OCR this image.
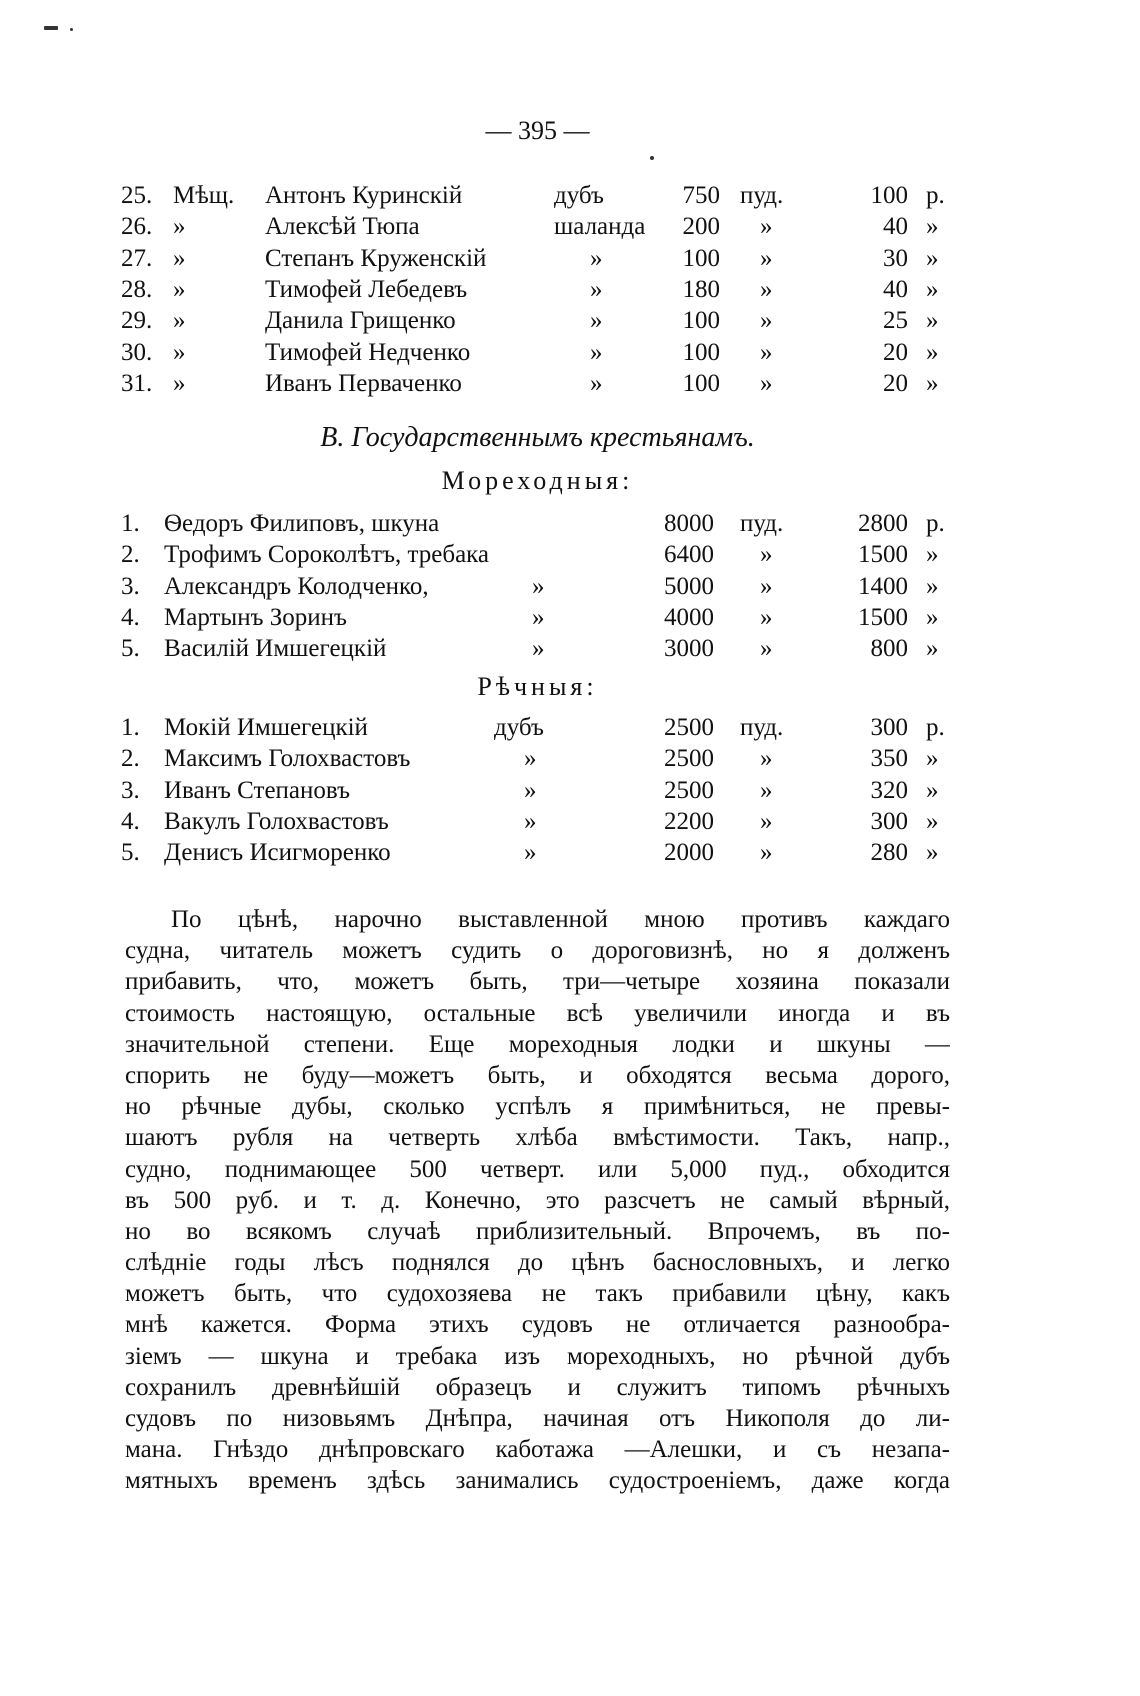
— 395 —
25. Мѣщ. Антонъ Куринскій	дубъ	750 пуд.	100 р.
26. »	Алексѣй Тюпа	шаланда 200 »	40 »
27. »	Степанъ Круженскій	»	100 »	30 »
28. »	Тимофей Лебедевъ	»	180 »	40 »
29. »	Данила Грищенко	»	100 »	25 »
30. »	Тимофей Недченко	»	100 »	20 »
31. »	Иванъ Перваченко	»	100 »	20 »
В. Государственнымъ крестьянамъ.
Мореходныя:
1. Ѳедоръ Филиповъ, шкуна	8000 пуд.	2800 р.
2. Трофимъ Сороколѣтъ, требака	6400 »	1500 »
3. Александръ Колодченко,	»	5000 »	1400 »
4. Мартынъ Зоринъ	»	4000 »	1500 »
5. Василій Имшегецкій	»	3000 »	800 »
Рѣчныя:
1. Мокій Имшегецкій	дубъ	2500 пуд.	300 р.
2. Максимъ Голохвастовъ	»	2500 »	350 »
3. Иванъ Степановъ	»	2500 »	320 »
4. Вакулъ Голохвастовъ	»	2200 »	300 »
5. Денисъ Исигморенко	»	2000 »	280 »
По цѣнѣ, нарочно выставленной мною противъ каждаго
судна, читатель можетъ судить о дороговизнѣ, но я долженъ
прибавить, что, можетъ быть, три—четыре хозяина показали
стоимость настоящую, остальные всѣ увеличили иногда и въ
значительной степени. Еще мореходныя лодки и шкуны —
спорить не буду—можетъ быть, и обходятся весьма дорого,
но рѣчные дубы, сколько успѣлъ я примѣниться, не превы-
шаютъ рубля на четверть хлѣба вмѣстимости. Такъ, напр.,
судно, поднимающее 500 четверт. или 5,000 пуд., обходится
въ 500 руб. и т. д. Конечно, это разсчетъ не самый вѣрный,
но во всякомъ случаѣ приблизительный. Впрочемъ, въ по-
слѣдніе годы лѣсъ поднялся до цѣнъ баснословныхъ, и легко
можетъ быть, что судохозяева не такъ прибавили цѣну, какъ
мнѣ кажется. Форма этихъ судовъ не отличается разнообра-
зіемъ — шкуна и требака изъ мореходныхъ, но рѣчной дубъ
сохранилъ древнѣйшій образецъ и служитъ типомъ рѣчныхъ
судовъ по низовьямъ Днѣпра, начиная отъ Никополя до ли-
мана. Гнѣздо днѣпровскаго каботажа —Алешки, и съ незапа-
мятныхъ временъ здѣсь занимались судостроеніемъ, даже когда
